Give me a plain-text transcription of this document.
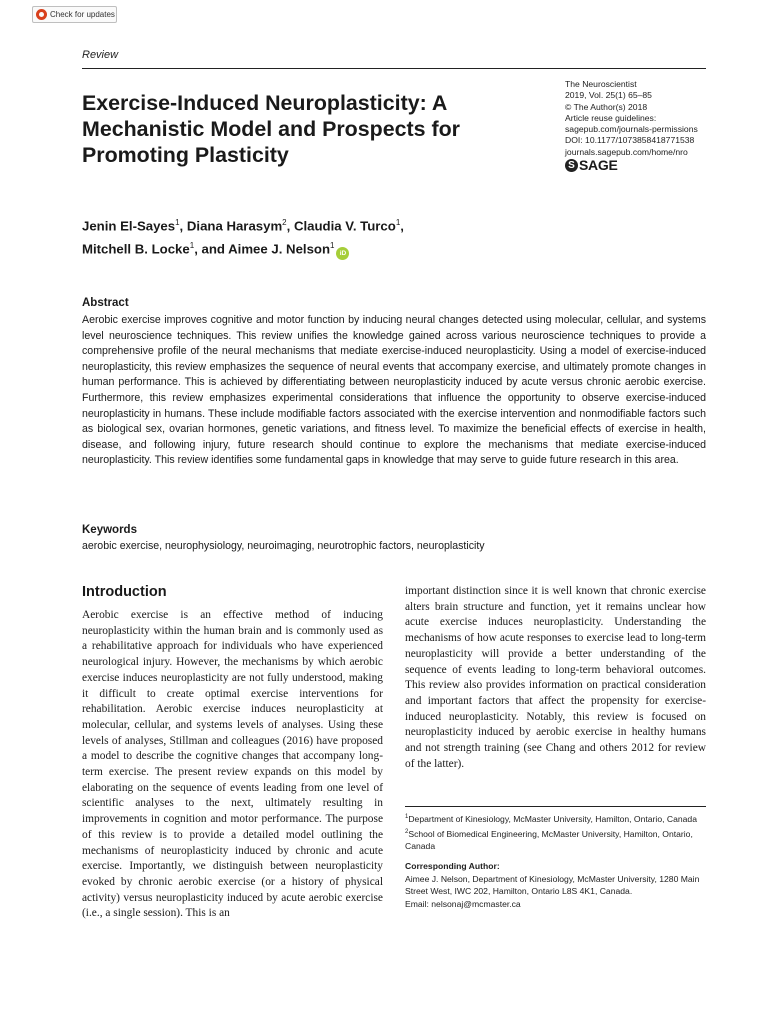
Check for updates
Review
Exercise-Induced Neuroplasticity: A Mechanistic Model and Prospects for Promoting Plasticity
The Neuroscientist
2019, Vol. 25(1) 65–85
© The Author(s) 2018
Article reuse guidelines:
sagepub.com/journals-permissions
DOI: 10.1177/1073858418771538
journals.sagepub.com/home/nro
S SAGE
Jenin El-Sayes$^1$, Diana Harasym$^2$, Claudia V. Turco$^1$,
Mitchell B. Locke$^1$, and Aimee J. Nelson$^1$iD
Abstract

Aerobic exercise improves cognitive and motor function by inducing neural changes detected using molecular, cellular, and systems level neuroscience techniques. This review unifies the knowledge gained across various neuroscience techniques to provide a comprehensive profile of the neural mechanisms that mediate exercise-induced neuroplasticity. Using a model of exercise-induced neuroplasticity, this review emphasizes the sequence of neural events that accompany exercise, and ultimately promote changes in human performance. This is achieved by differentiating between neuroplasticity induced by acute versus chronic aerobic exercise. Furthermore, this review emphasizes experimental considerations that influence the opportunity to observe exercise-induced neuroplasticity in humans. These include modifiable factors associated with the exercise intervention and nonmodifiable factors such as biological sex, ovarian hormones, genetic variations, and fitness level. To maximize the beneficial effects of exercise in health, disease, and following injury, future research should continue to explore the mechanisms that mediate exercise-induced neuroplasticity. This review identifies some fundamental gaps in knowledge that may serve to guide future research in this area.

Keywords

aerobic exercise, neurophysiology, neuroimaging, neurotrophic factors, neuroplasticity

Introduction

Aerobic exercise is an effective method of inducing neuroplasticity within the human brain and is commonly used as a rehabilitative approach for individuals who have experienced neurological injury. However, the mechanisms by which aerobic exercise induces neuroplasticity are not fully understood, making it difficult to create optimal exercise interventions for rehabilitation. Aerobic exercise induces neuroplasticity at molecular, cellular, and systems levels of analyses. Using these levels of analyses, Stillman and colleagues (2016) have proposed a model to describe the cognitive changes that accompany long-term exercise. The present review expands on this model by elaborating on the sequence of events leading from one level of scientific analyses to the next, ultimately resulting in improvements in cognition and motor performance. The purpose of this review is to provide a detailed model outlining the mechanisms of neuroplasticity induced by chronic and acute exercise. Importantly, we distinguish between neuroplasticity evoked by chronic aerobic exercise (or a history of physical activity) versus neuroplasticity induced by acute aerobic exercise (i.e., a single session). This is an

important distinction since it is well known that chronic exercise alters brain structure and function, yet it remains unclear how acute exercise induces neuroplasticity. Understanding the mechanisms of how acute responses to exercise lead to long-term neuroplasticity will provide a better understanding of the sequence of events leading to long-term behavioral outcomes. This review also provides information on practical consideration and important factors that affect the propensity for exercise-induced neuroplasticity. Notably, this review is focused on neuroplasticity induced by aerobic exercise in healthy humans and not strength training (see Chang and others 2012 for review of the latter).

$^1$Department of Kinesiology, McMaster University, Hamilton, Ontario, Canada

$^2$School of Biomedical Engineering, McMaster University, Hamilton, Ontario, Canada

Corresponding Author:

Aimee J. Nelson, Department of Kinesiology, McMaster University, 1280 Main Street West, IWC 202, Hamilton, Ontario L8S 4K1, Canada.

Email: nelsonaj@mcmaster.ca
